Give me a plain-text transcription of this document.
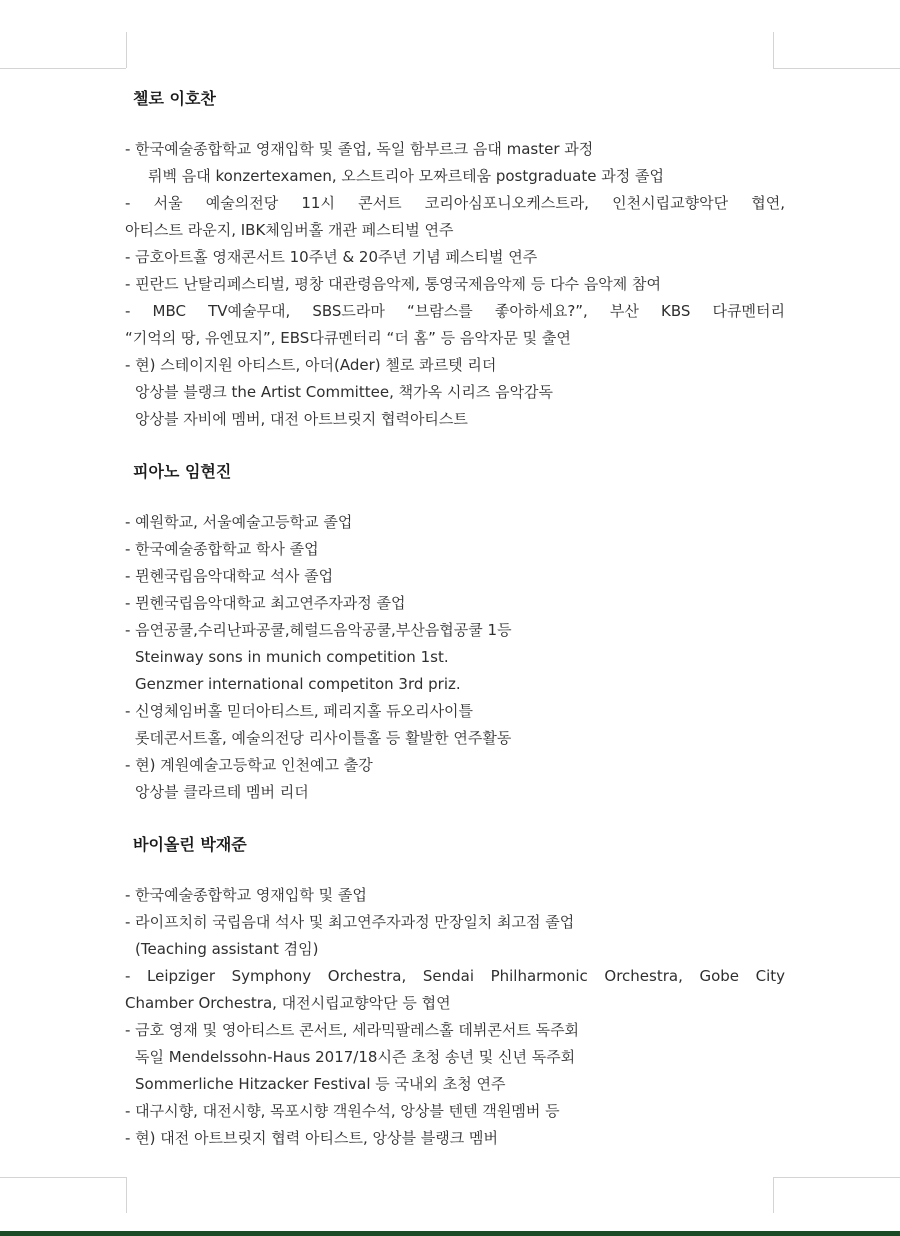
첼로 이호찬
- 한국예술종합학교 영재입학 및 졸업, 독일 함부르크 음대 master 과정
뤼벡 음대 konzertexamen, 오스트리아 모짜르테움 postgraduate 과정 졸업
- 서울 예술의전당 11시 콘서트 코리아심포니오케스트라, 인천시립교향악단 협연,
아티스트 라운지, IBK체임버홀 개관 페스티벌 연주
- 금호아트홀 영재콘서트 10주년 & 20주년 기념 페스티벌 연주
- 핀란드 난탈리페스티벌, 평창 대관령음악제, 통영국제음악제 등 다수 음악제 참여
- MBC TV예술무대, SBS드라마 “브람스를 좋아하세요?”, 부산 KBS 다큐멘터리
“기억의 땅, 유엔묘지”, EBS다큐멘터리 “더 홈” 등 음악자문 및 출연
- 현) 스테이지원 아티스트, 아더(Ader) 첼로 콰르텟 리더
앙상블 블랭크 the Artist Committee, 책가옥 시리즈 음악감독
앙상블 자비에 멤버, 대전 아트브릿지 협력아티스트
피아노 임현진
- 예원학교, 서울예술고등학교 졸업
- 한국예술종합학교 학사 졸업
- 뮌헨국립음악대학교 석사 졸업
- 뮌헨국립음악대학교 최고연주자과정 졸업
- 음연공쿨,수리난파공쿨,헤럴드음악공쿨,부산음협공쿨 1등
Steinway sons in munich competition 1st.
Genzmer international competiton 3rd priz.
- 신영체임버홀 믿더아티스트, 페리지홀 듀오리사이틀
롯데콘서트홀, 예술의전당 리사이틀홀 등 활발한 연주활동
- 현) 계원예술고등학교 인천예고 출강
앙상블 클라르테 멤버 리더
바이올린 박재준
- 한국예술종합학교 영재입학 및 졸업
- 라이프치히 국립음대 석사 및 최고연주자과정 만장일치 최고점 졸업
(Teaching assistant 겸임)
- Leipziger Symphony Orchestra, Sendai Philharmonic Orchestra, Gobe City
Chamber Orchestra, 대전시립교향악단 등 협연
- 금호 영재 및 영아티스트 콘서트, 세라믹팔레스홀 데뷔콘서트 독주회
독일 Mendelssohn-Haus 2017/18시즌 초청 송년 및 신년 독주회
Sommerliche Hitzacker Festival 등 국내외 초청 연주
- 대구시향, 대전시향, 목포시향 객원수석, 앙상블 텐텐 객원멤버 등
- 현) 대전 아트브릿지 협력 아티스트, 앙상블 블랭크 멤버
